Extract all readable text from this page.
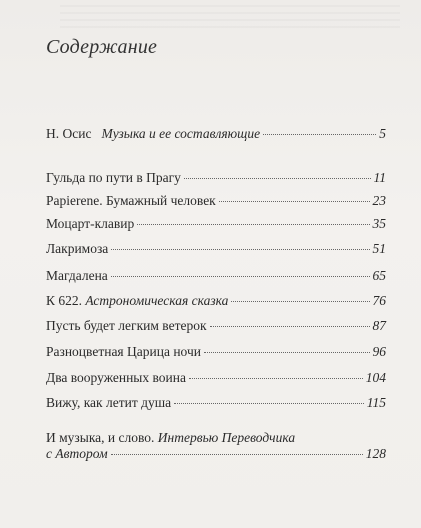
Содержание
Н. Осис Музыка и ее составляющие	5
Гульда по пути в Прагу	11
Papierene. Бумажный человек	23
Моцарт-клавир	35
Лакримоза	51
Магдалена	65
К 622. Астрономическая сказка	76
Пусть будет легким ветерок	87
Разноцветная Царица ночи	96
Два вооруженных воина	104
Вижу, как летит душа	115
И музыка, и слово. Интервью Переводчика
с Автором	128
